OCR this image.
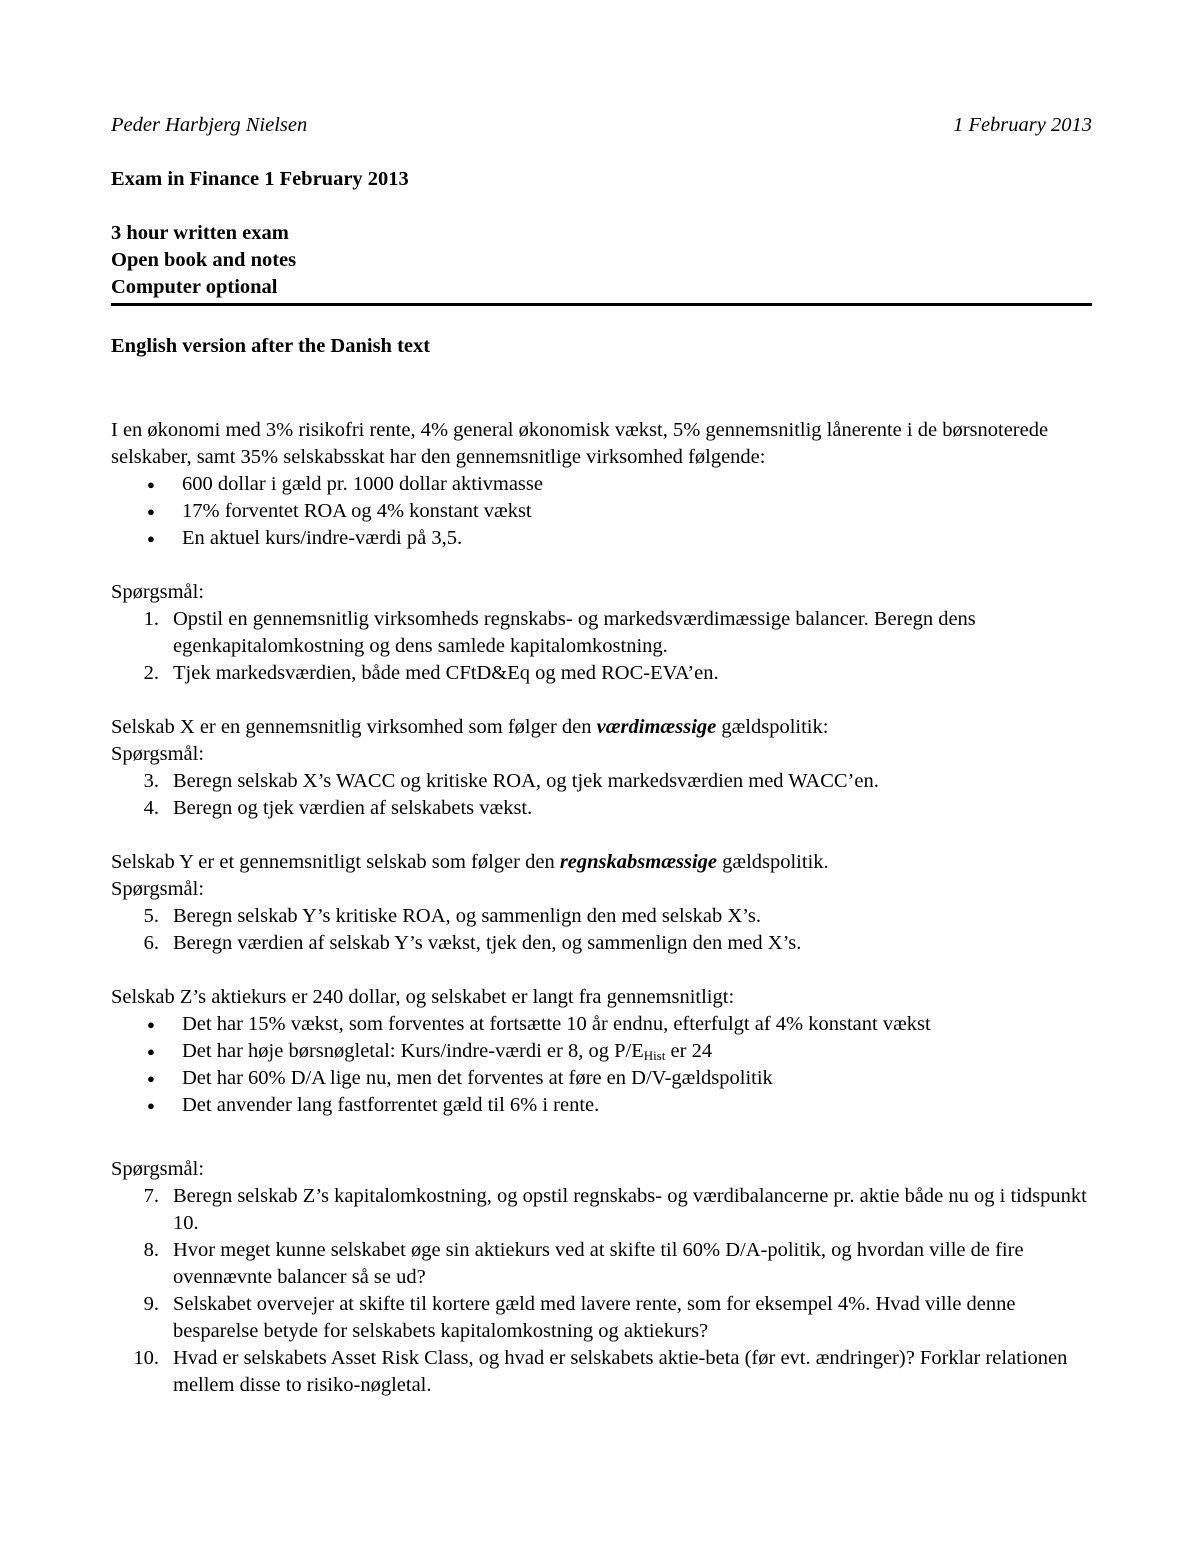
Peder Harbjerg Nielsen	1 February 2013

Exam in Finance 1 February 2013

3 hour written exam

Open book and notes

Computer optional

English version after the Danish text

I en økonomi med 3% risikofri rente, 4% general økonomisk vækst, 5% gennemsnitlig lånerente i de børsnoterede selskaber, samt 35% selskabsskat har den gennemsnitlige virksomhed følgende:

● 600 dollar i gæld pr. 1000 dollar aktivmasse
● 17% forventet ROA og 4% konstant vækst
● En aktuel kurs/indre-værdi på 3,5.

Spørgsmål:

1. Opstil en gennemsnitlig virksomheds regnskabs- og markedsværdimæssige balancer. Beregn dens egenkapitalomkostning og dens samlede kapitalomkostning.
2. Tjek markedsværdien, både med CFtD&Eq og med ROC-EVA’en.

Selskab X er en gennemsnitlig virksomhed som følger den værdimæssige gældspolitik:

Spørgsmål:

3. Beregn selskab X’s WACC og kritiske ROA, og tjek markedsværdien med WACC’en.
4. Beregn og tjek værdien af selskabets vækst.

Selskab Y er et gennemsnitligt selskab som følger den regnskabsmæssige gældspolitik.

Spørgsmål:

5. Beregn selskab Y’s kritiske ROA, og sammenlign den med selskab X’s.
6. Beregn værdien af selskab Y’s vækst, tjek den, og sammenlign den med X’s.

Selskab Z’s aktiekurs er 240 dollar, og selskabet er langt fra gennemsnitligt:

● Det har 15% vækst, som forventes at fortsætte 10 år endnu, efterfulgt af 4% konstant vækst
● Det har høje børsnøgletal: Kurs/indre-værdi er 8, og $P/E_{Hist}$ er 24
● Det har 60% D/A lige nu, men det forventes at føre en D/V-gældspolitik
● Det anvender lang fastforrentet gæld til 6% i rente.

Spørgsmål:

7. Beregn selskab Z’s kapitalomkostning, og opstil regnskabs- og værdibalancerne pr. aktie både nu og i tidspunkt 10.
8. Hvor meget kunne selskabet øge sin aktiekurs ved at skifte til 60% D/A-politik, og hvordan ville de fire ovennævnte balancer så se ud?
9. Selskabet overvejer at skifte til kortere gæld med lavere rente, som for eksempel 4%. Hvad ville denne besparelse betyde for selskabets kapitalomkostning og aktiekurs?
10. Hvad er selskabets Asset Risk Class, og hvad er selskabets aktie-beta (før evt. ændringer)? Forklar relationen mellem disse to risiko-nøgletal.
